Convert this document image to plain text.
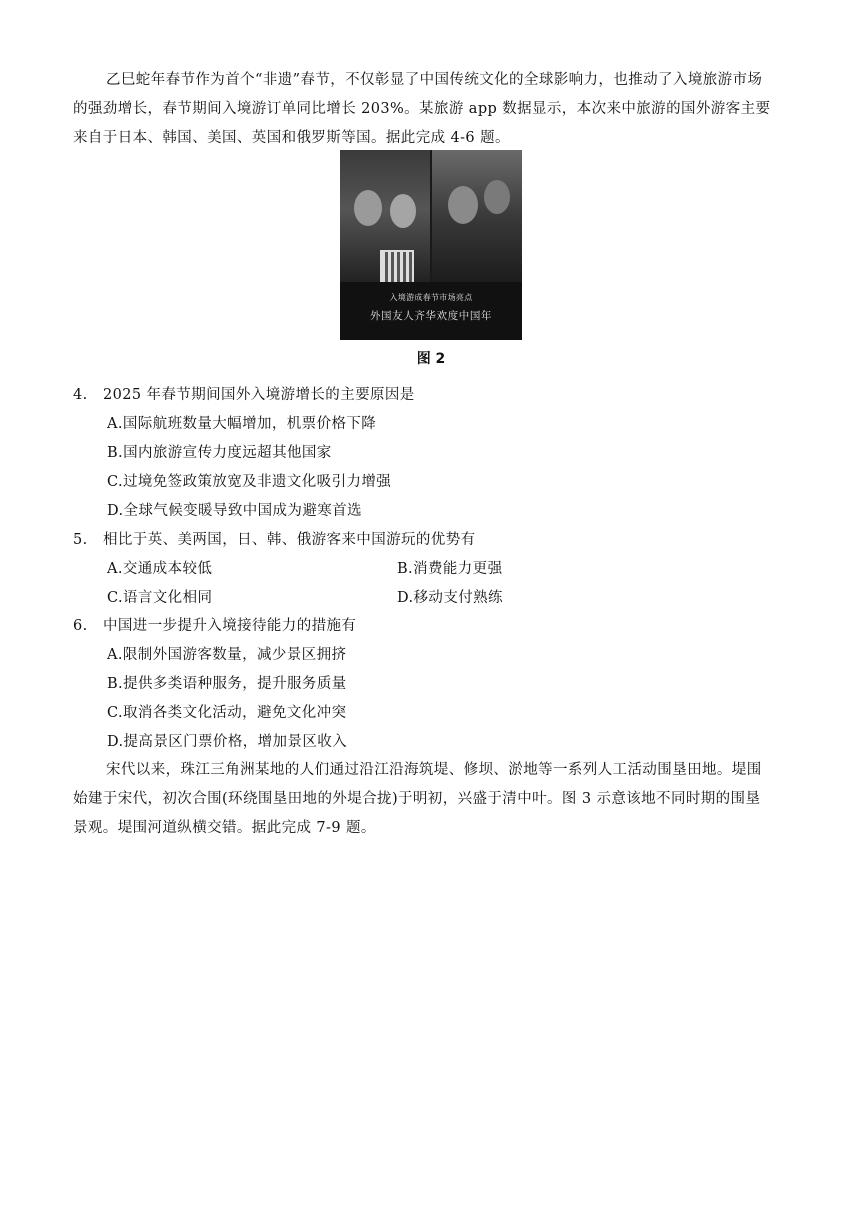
乙巳蛇年春节作为首个“非遗”春节，不仅彰显了中国传统文化的全球影响力，也推动了入境旅游市场的强劲增长，春节期间入境游订单同比增长 203%。某旅游 app 数据显示，本次来中旅游的国外游客主要来自于日本、韩国、美国、英国和俄罗斯等国。据此完成 4-6 题。

入境游成春节市场亮点
外国友人齐华欢度中国年
图 2
4. 2025 年春节期间国外入境游增长的主要原因是
A.国际航班数量大幅增加，机票价格下降
B.国内旅游宣传力度远超其他国家
C.过境免签政策放宽及非遗文化吸引力增强
D.全球气候变暖导致中国成为避寒首选
5. 相比于英、美两国，日、韩、俄游客来中国游玩的优势有
A.交通成本较低	B.消费能力更强
C.语言文化相同	D.移动支付熟练
6. 中国进一步提升入境接待能力的措施有
A.限制外国游客数量，减少景区拥挤
B.提供多类语种服务，提升服务质量
C.取消各类文化活动，避免文化冲突
D.提高景区门票价格，增加景区收入

宋代以来，珠江三角洲某地的人们通过沿江沿海筑堤、修坝、淤地等一系列人工活动围垦田地。堤围始建于宋代，初次合围(环绕围垦田地的外堤合拢)于明初，兴盛于清中叶。图 3 示意该地不同时期的围垦景观。堤围河道纵横交错。据此完成 7-9 题。
